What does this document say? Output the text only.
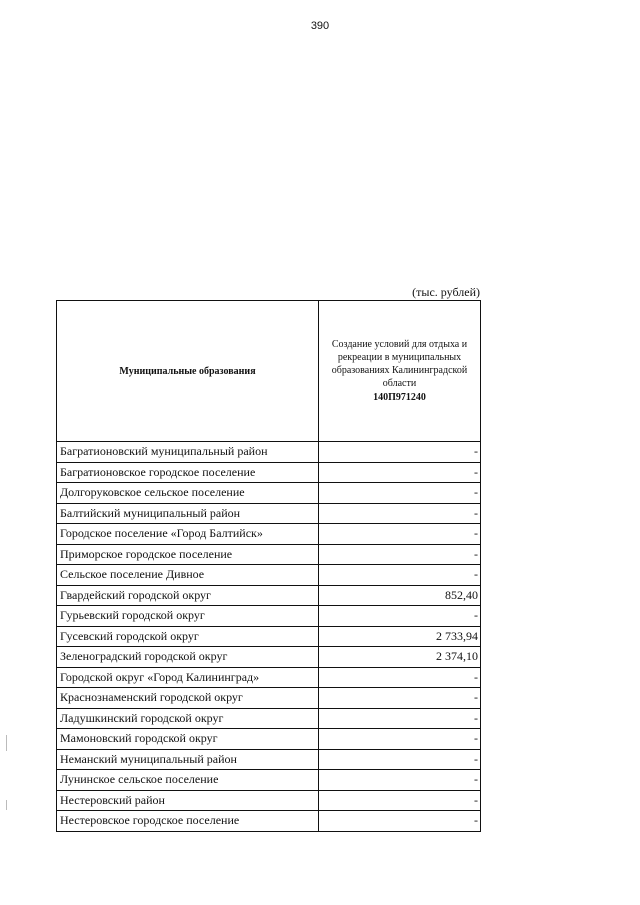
390
(тыс. рублей)
Муниципальные образования	Создание условий для отдыха и рекреации в муниципальных образованиях Калининградской области
140П971240

Багратионовский муниципальный район	-
Багратионовское городское поселение	-
Долгоруковское сельское поселение	-
Балтийский муниципальный район	-
Городское поселение «Город Балтийск»	-
Приморское городское поселение	-
Сельское поселение Дивное	-
Гвардейский городской округ	852,40
Гурьевский городской округ	-
Гусевский городской округ	2 733,94
Зеленоградский городской округ	2 374,10
Городской округ «Город Калининград»	-
Краснознаменский городской округ	-
Ладушкинский городской округ	-
Мамоновский городской округ	-
Неманский муниципальный район	-
Лунинское сельское поселение	-
Нестеровский район	-
Нестеровское городское поселение	-
